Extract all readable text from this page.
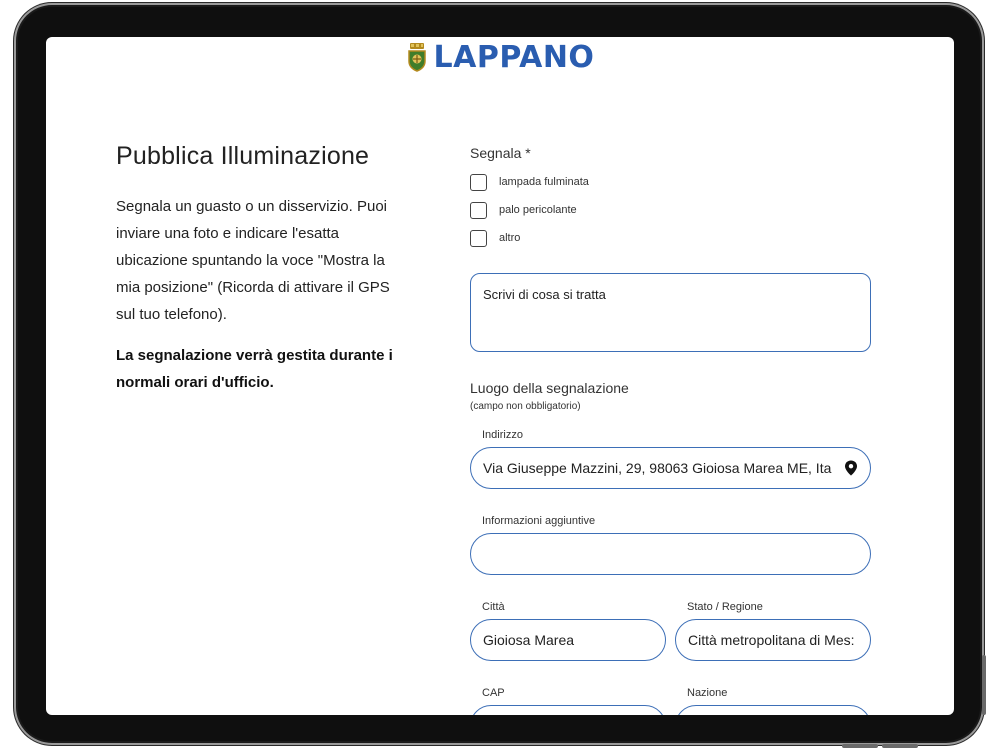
LAPPANO
Pubblica Illuminazione

Segnala un guasto o un disservizio. Puoi
inviare una foto e indicare l'esatta
ubicazione spuntando la voce "Mostra la
mia posizione" (Ricorda di attivare il GPS
sul tuo telefono).

La segnalazione verrà gestita durante i
normali orari d'ufficio.

Segnala *
lampada fulminata
palo pericolante
altro
Scrivi di cosa si tratta
Luogo della segnalazione
(campo non obbligatorio)
Indirizzo
Via Giuseppe Mazzini, 29, 98063 Gioiosa Marea ME, Ita
Informazioni aggiuntive
Città
Gioiosa Marea
Stato / Regione
Città metropolitana di Mes:
CAP	Nazione
